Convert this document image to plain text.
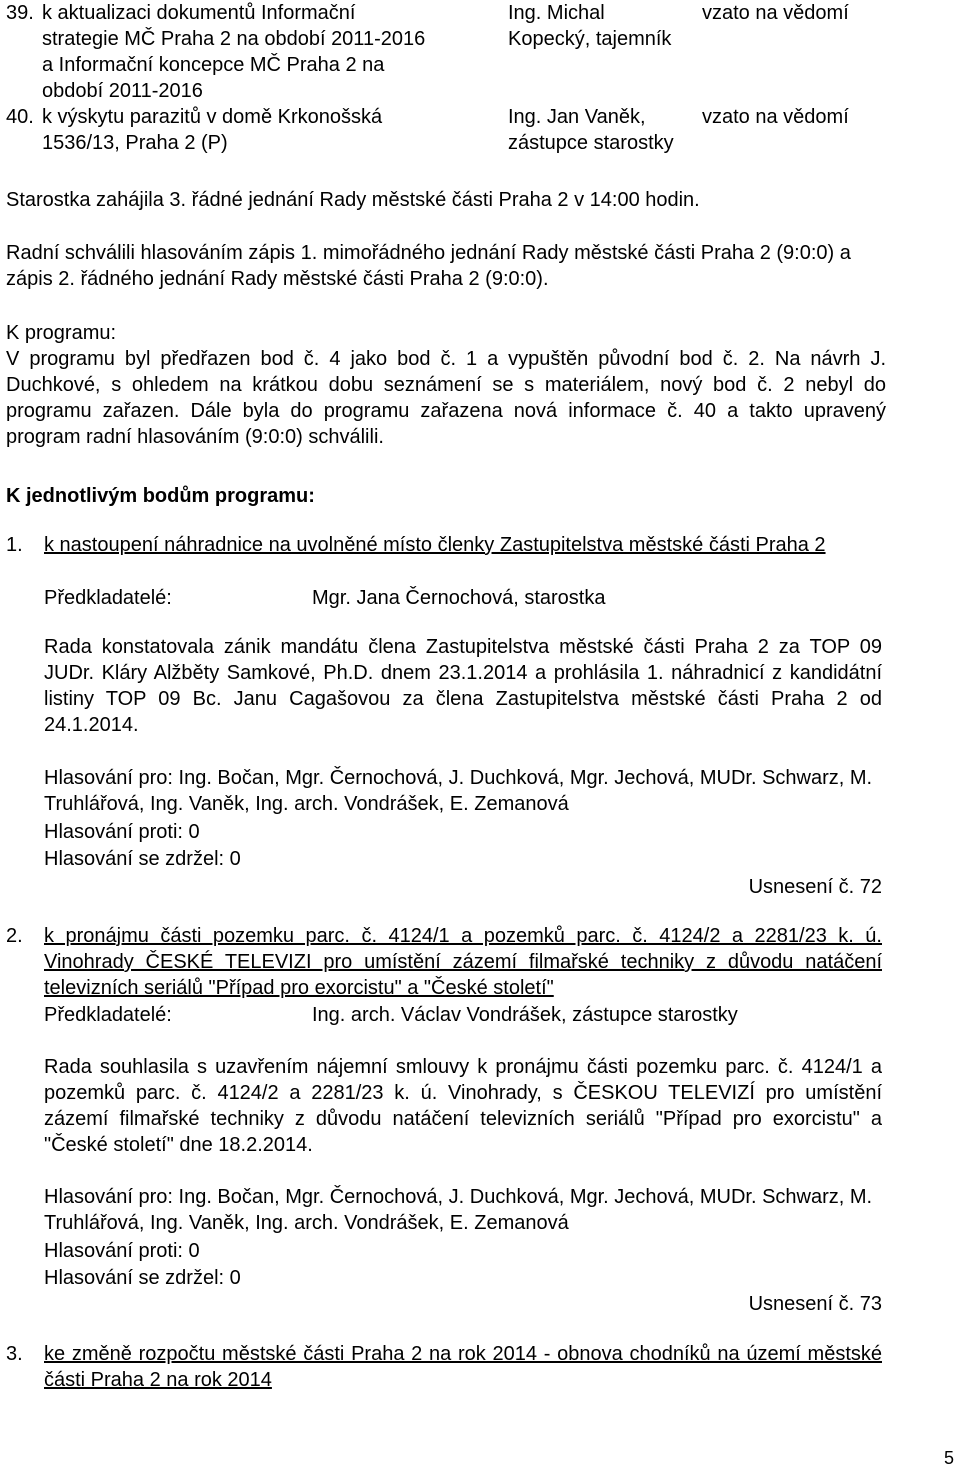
39. k aktualizaci dokumentů Informační
strategie MČ Praha 2 na období 2011-2016
a Informační koncepce MČ Praha 2 na
období 2011-2016
Ing. Michal
Kopecký, tajemník
vzato na vědomí
40. k výskytu parazitů v domě Krkonošská
1536/13, Praha 2 (P)
Ing. Jan Vaněk,
zástupce starostky
vzato na vědomí
Starostka zahájila 3. řádné jednání Rady městské části Praha 2 v 14:00 hodin.
Radní schválili hlasováním zápis 1. mimořádného jednání Rady městské části Praha 2 (9:0:0) a zápis 2. řádného jednání Rady městské části Praha 2 (9:0:0).
K programu:
V programu byl předřazen bod č. 4 jako bod č. 1 a vypuštěn původní bod č. 2. Na návrh J. Duchkové, s ohledem na krátkou dobu seznámení se s materiálem, nový bod č. 2 nebyl do programu zařazen. Dále byla do programu zařazena nová informace č. 40 a takto upravený program radní hlasováním (9:0:0) schválili.
K jednotlivým bodům programu:
1. k nastoupení náhradnice na uvolněné místo členky Zastupitelstva městské části Praha 2
Předkladatelé:	Mgr. Jana Černochová, starostka
Rada konstatovala zánik mandátu člena Zastupitelstva městské části Praha 2 za TOP 09 JUDr. Kláry Alžběty Samkové, Ph.D. dnem 23.1.2014 a prohlásila 1. náhradnicí z kandidátní listiny TOP 09 Bc. Janu Cagašovou za člena Zastupitelstva městské části Praha 2 od 24.1.2014.
Hlasování pro: Ing. Bočan, Mgr. Černochová, J. Duchková, Mgr. Jechová, MUDr. Schwarz, M. Truhlářová, Ing. Vaněk, Ing. arch. Vondrášek, E. Zemanová
Hlasování proti: 0
Hlasování se zdržel: 0
Usnesení č. 72
2. k pronájmu části pozemku parc. č. 4124/1 a pozemků parc. č. 4124/2 a 2281/23 k. ú. Vinohrady ČESKÉ TELEVIZI pro umístění zázemí filmařské techniky z důvodu natáčení televizních seriálů "Případ pro exorcistu" a "České století"
Předkladatelé:	Ing. arch. Václav Vondrášek, zástupce starostky
Rada souhlasila s uzavřením nájemní smlouvy k pronájmu části pozemku parc. č. 4124/1 a pozemků parc. č. 4124/2 a 2281/23 k. ú. Vinohrady, s ČESKOU TELEVIZÍ pro umístění zázemí filmařské techniky z důvodu natáčení televizních seriálů "Případ pro exorcistu" a "České století" dne 18.2.2014.
Hlasování pro: Ing. Bočan, Mgr. Černochová, J. Duchková, Mgr. Jechová, MUDr. Schwarz, M. Truhlářová, Ing. Vaněk, Ing. arch. Vondrášek, E. Zemanová
Hlasování proti: 0
Hlasování se zdržel: 0
Usnesení č. 73
3. ke změně rozpočtu městské části Praha 2 na rok 2014 - obnova chodníků na území městské části Praha 2 na rok 2014
5
